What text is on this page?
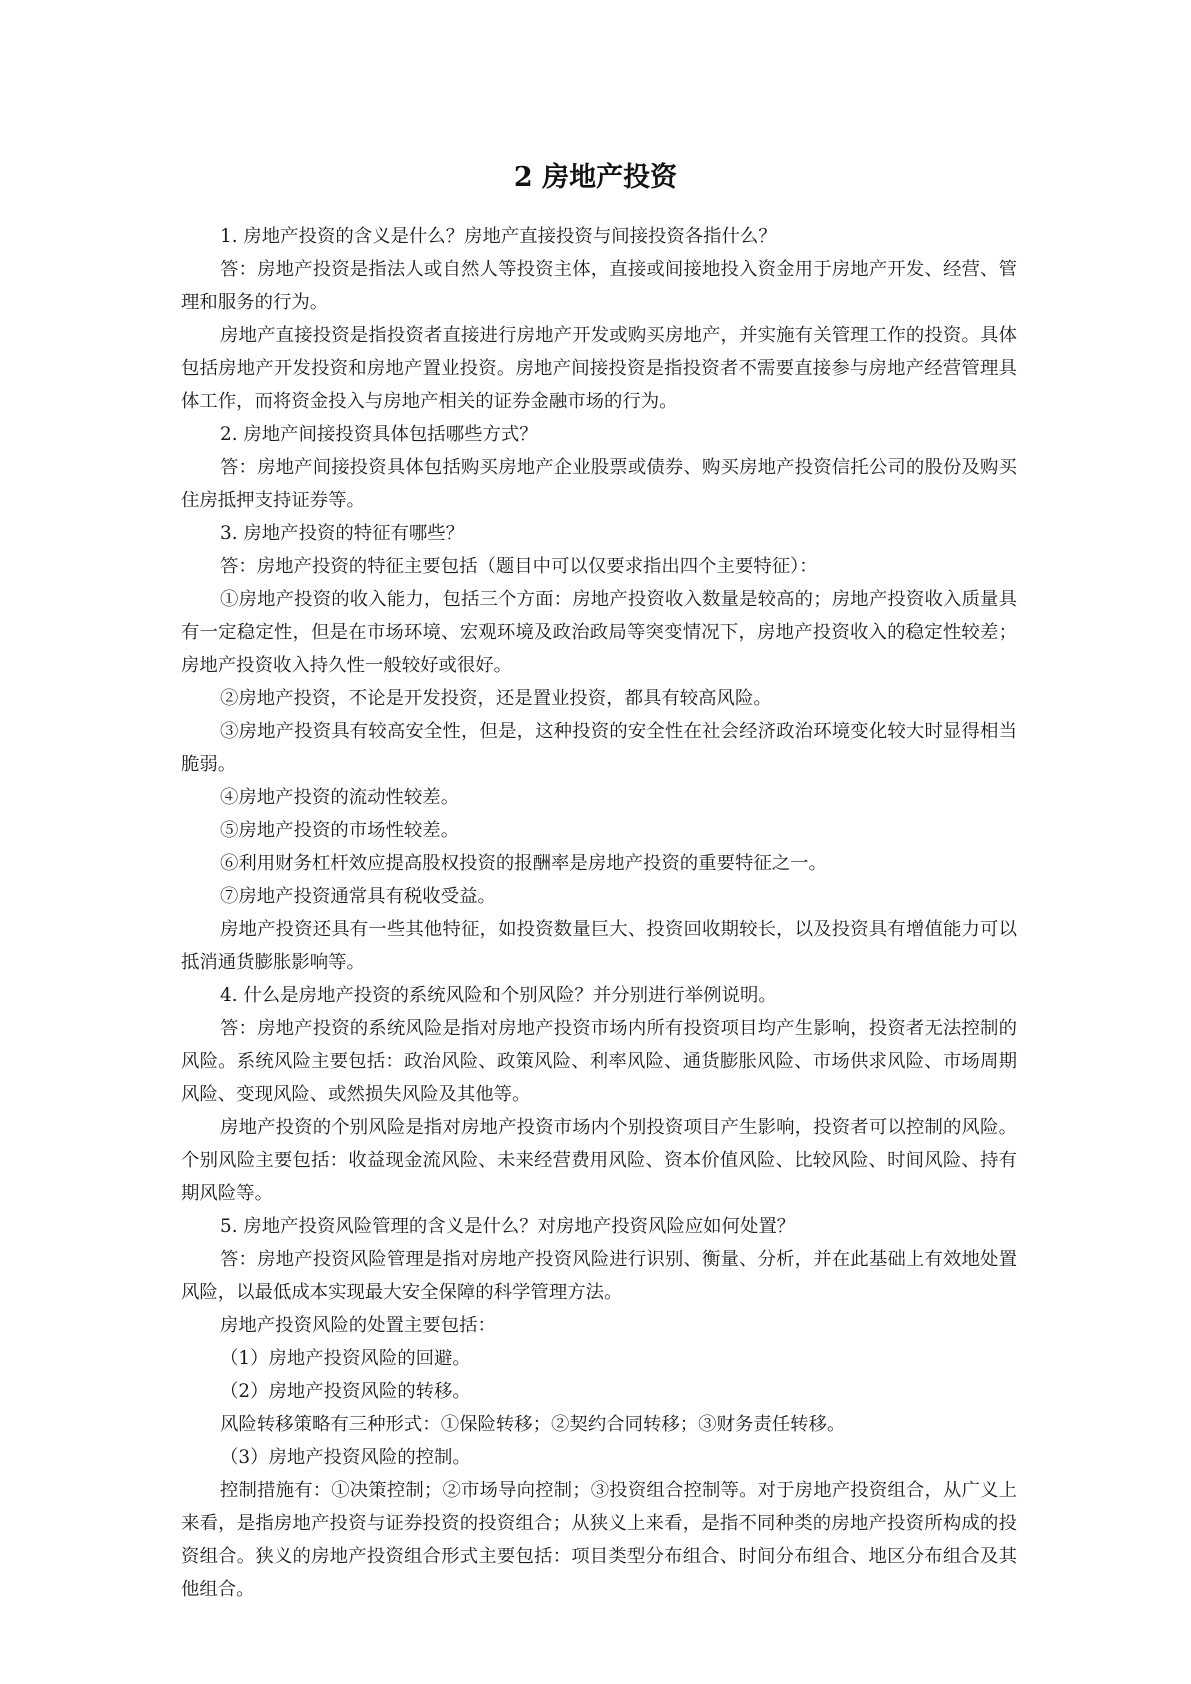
2 房地产投资

1. 房地产投资的含义是什么？房地产直接投资与间接投资各指什么？

答：房地产投资是指法人或自然人等投资主体，直接或间接地投入资金用于房地产开发、经营、管理和服务的行为。

房地产直接投资是指投资者直接进行房地产开发或购买房地产，并实施有关管理工作的投资。具体包括房地产开发投资和房地产置业投资。房地产间接投资是指投资者不需要直接参与房地产经营管理具体工作，而将资金投入与房地产相关的证券金融市场的行为。

2. 房地产间接投资具体包括哪些方式？

答：房地产间接投资具体包括购买房地产企业股票或债券、购买房地产投资信托公司的股份及购买住房抵押支持证券等。

3. 房地产投资的特征有哪些？

答：房地产投资的特征主要包括（题目中可以仅要求指出四个主要特征）：

①房地产投资的收入能力，包括三个方面：房地产投资收入数量是较高的；房地产投资收入质量具有一定稳定性，但是在市场环境、宏观环境及政治政局等突变情况下，房地产投资收入的稳定性较差；房地产投资收入持久性一般较好或很好。

②房地产投资，不论是开发投资，还是置业投资，都具有较高风险。

③房地产投资具有较高安全性，但是，这种投资的安全性在社会经济政治环境变化较大时显得相当脆弱。

④房地产投资的流动性较差。

⑤房地产投资的市场性较差。

⑥利用财务杠杆效应提高股权投资的报酬率是房地产投资的重要特征之一。

⑦房地产投资通常具有税收受益。

房地产投资还具有一些其他特征，如投资数量巨大、投资回收期较长，以及投资具有增值能力可以抵消通货膨胀影响等。

4. 什么是房地产投资的系统风险和个别风险？并分别进行举例说明。

答：房地产投资的系统风险是指对房地产投资市场内所有投资项目均产生影响，投资者无法控制的风险。系统风险主要包括：政治风险、政策风险、利率风险、通货膨胀风险、市场供求风险、市场周期风险、变现风险、或然损失风险及其他等。

房地产投资的个别风险是指对房地产投资市场内个别投资项目产生影响，投资者可以控制的风险。个别风险主要包括：收益现金流风险、未来经营费用风险、资本价值风险、比较风险、时间风险、持有期风险等。

5. 房地产投资风险管理的含义是什么？对房地产投资风险应如何处置？

答：房地产投资风险管理是指对房地产投资风险进行识别、衡量、分析，并在此基础上有效地处置风险，以最低成本实现最大安全保障的科学管理方法。

房地产投资风险的处置主要包括：

（1）房地产投资风险的回避。

（2）房地产投资风险的转移。

风险转移策略有三种形式：①保险转移；②契约合同转移；③财务责任转移。

（3）房地产投资风险的控制。

控制措施有：①决策控制；②市场导向控制；③投资组合控制等。对于房地产投资组合，从广义上来看，是指房地产投资与证券投资的投资组合；从狭义上来看，是指不同种类的房地产投资所构成的投资组合。狭义的房地产投资组合形式主要包括：项目类型分布组合、时间分布组合、地区分布组合及其他组合。
